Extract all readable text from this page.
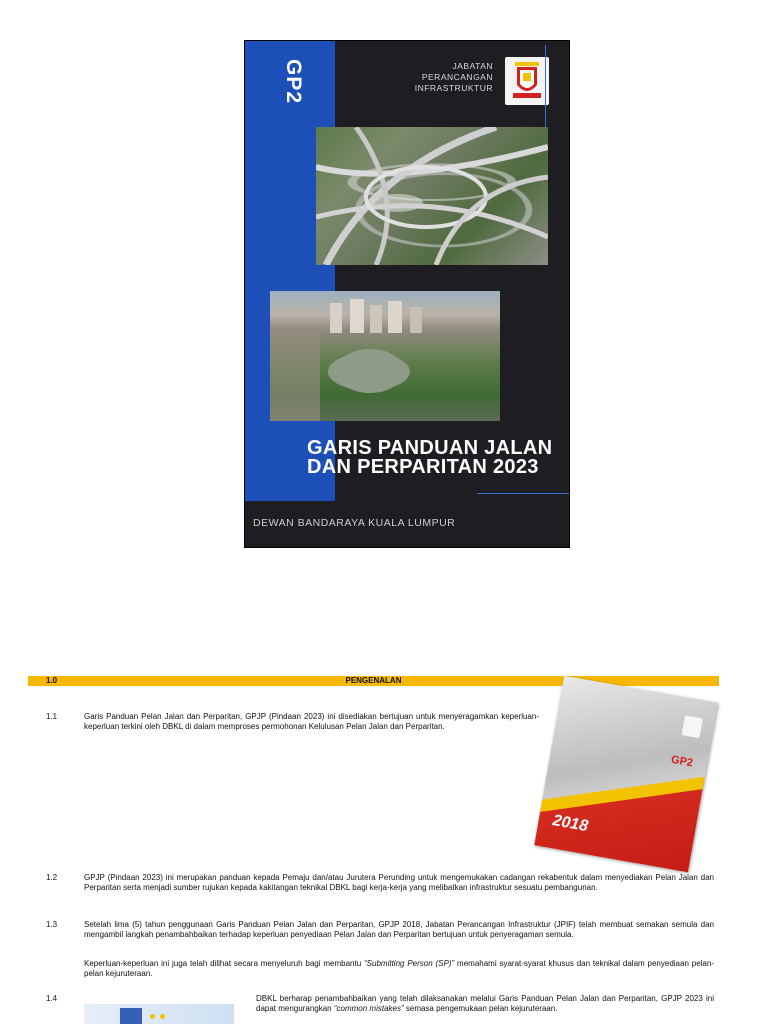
GP2	JABATAN
PERANCANGAN
INFRASTRUKTUR
GARIS PANDUAN JALAN
DAN PERPARITAN 2023
DEWAN BANDARAYA KUALA LUMPUR
1.0	PENGENALAN
1.1	Garis Panduan Pelan Jalan dan Perparitan, GPJP (Pindaan 2023) ini disediakan bertujuan untuk menyeragamkan keperluan-keperluan terkini oleh DBKL di dalam memproses permohonan Kelulusan Pelan Jalan dan Perparitan.
GP2
2018
1.2	GPJP (Pindaan 2023) ini merupakan panduan kepada Pemaju dan/atau Jurutera Perunding untuk mengemukakan cadangan rekabentuk dalam menyediakan Pelan Jalan dan Perparitan serta menjadi sumber rujukan kepada kakitangan teknikal DBKL bagi kerja-kerja yang melibatkan infrastruktur sesuatu pembangunan.
1.3	Setelah lima (5) tahun penggunaan Garis Panduan Pelan Jalan dan Perparitan, GPJP 2018, Jabatan Perancangan Infrastruktur (JPIF) telah membuat semakan semula dan mengambil langkah penambahbaikan terhadap keperluan penyediaan Pelan Jalan dan Perparitan bertujuan untuk penyeragaman semula.
Keperluan-keperluan ini juga telah dilihat secara menyeluruh bagi membantu “Submitting Person (SP)” memahami syarat-syarat khusus dan teknikal dalam penyediaan pelan-pelan kejuruteraan.
1.4	DBKL berharap penambahbaikan yang telah dilaksanakan melalui Garis Panduan Pelan Jalan dan Perparitan, GPJP 2023 ini dapat mengurangkan “common mistakes” semasa pengemukaan pelan kejuruteraan.
